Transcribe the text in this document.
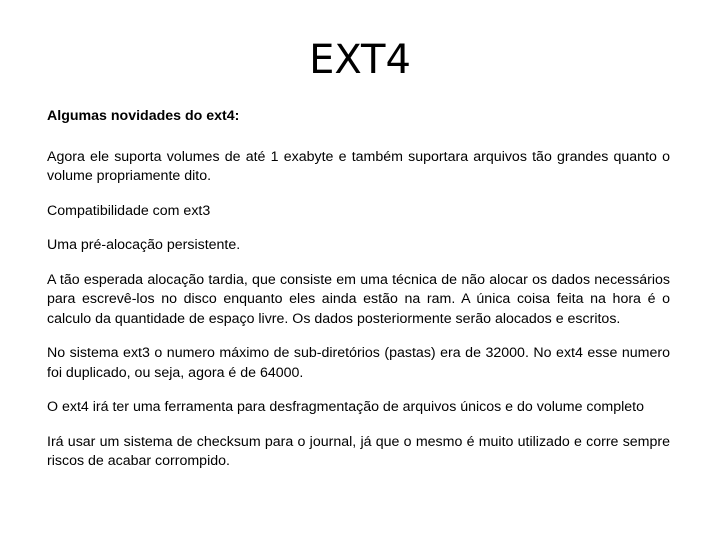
EXT4

Algumas novidades do ext4:

Agora ele suporta volumes de até 1 exabyte e também suportara arquivos tão grandes quanto o volume propriamente dito.

Compatibilidade com ext3

Uma pré-alocação persistente.

A tão esperada alocação tardia, que consiste em uma técnica de não alocar os dados necessários para escrevê-los no disco enquanto eles ainda estão na ram. A única coisa feita na hora é o calculo da quantidade de espaço livre. Os dados posteriormente serão alocados e escritos.

No sistema ext3 o numero máximo de sub-diretórios (pastas) era de 32000. No ext4 esse numero foi duplicado, ou seja, agora é de 64000.

O ext4 irá ter uma ferramenta para desfragmentação de arquivos únicos e do volume completo

Irá usar um sistema de checksum para o journal, já que o mesmo é muito utilizado e corre sempre riscos de acabar corrompido.
